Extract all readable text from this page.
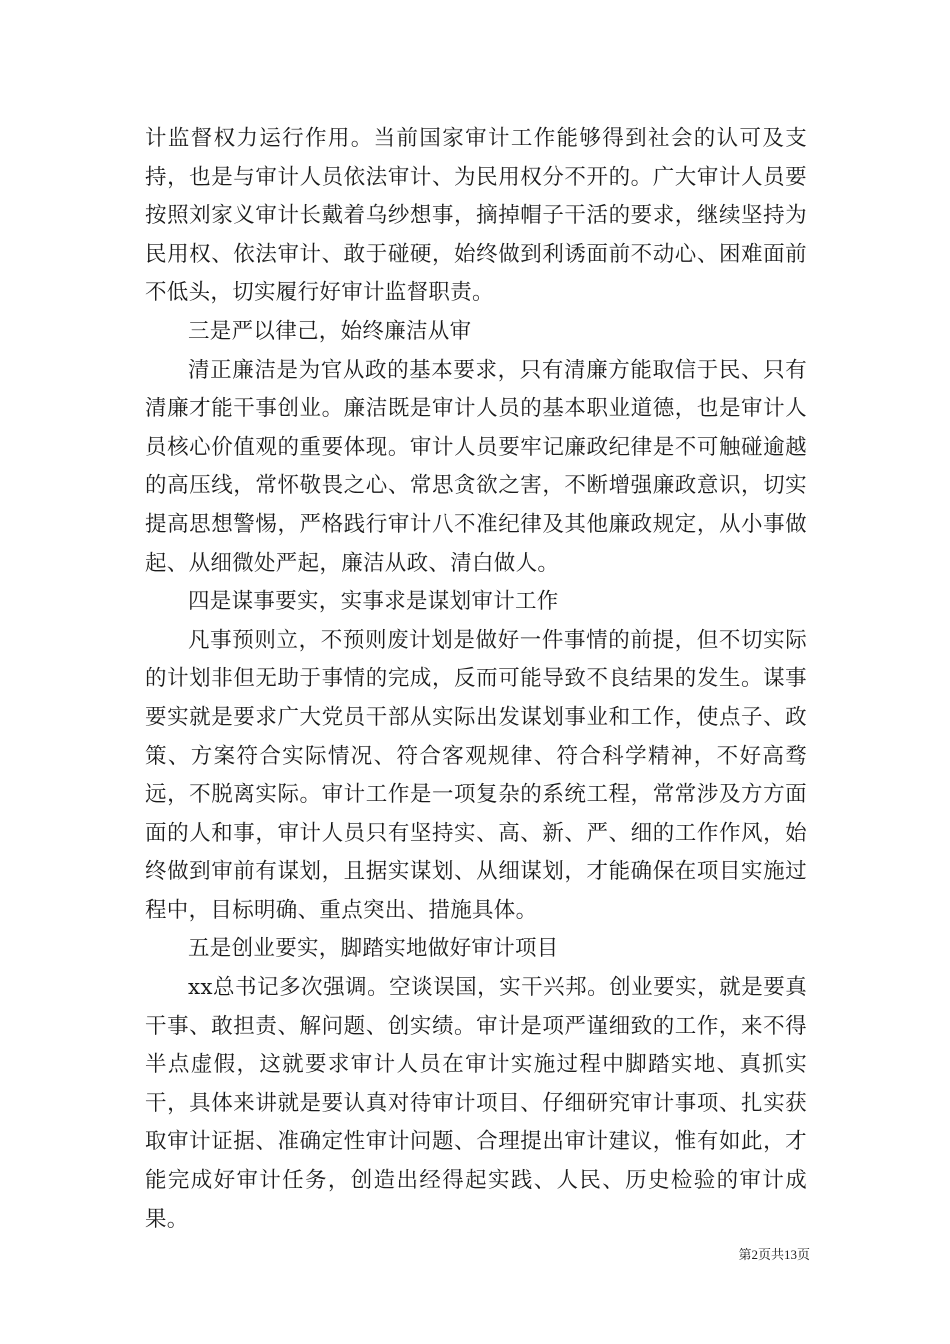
计监督权力运行作用。当前国家审计工作能够得到社会的认可及支持，也是与审计人员依法审计、为民用权分不开的。广大审计人员要按照刘家义审计长戴着乌纱想事，摘掉帽子干活的要求，继续坚持为民用权、依法审计、敢于碰硬，始终做到利诱面前不动心、困难面前不低头，切实履行好审计监督职责。

三是严以律己，始终廉洁从审

清正廉洁是为官从政的基本要求，只有清廉方能取信于民、只有清廉才能干事创业。廉洁既是审计人员的基本职业道德，也是审计人员核心价值观的重要体现。审计人员要牢记廉政纪律是不可触碰逾越的高压线，常怀敬畏之心、常思贪欲之害，不断增强廉政意识，切实提高思想警惕，严格践行审计八不准纪律及其他廉政规定，从小事做起、从细微处严起，廉洁从政、清白做人。

四是谋事要实，实事求是谋划审计工作

凡事预则立，不预则废计划是做好一件事情的前提，但不切实际的计划非但无助于事情的完成，反而可能导致不良结果的发生。谋事要实就是要求广大党员干部从实际出发谋划事业和工作，使点子、政策、方案符合实际情况、符合客观规律、符合科学精神，不好高骛远，不脱离实际。审计工作是一项复杂的系统工程，常常涉及方方面面的人和事，审计人员只有坚持实、高、新、严、细的工作作风，始终做到审前有谋划，且据实谋划、从细谋划，才能确保在项目实施过程中，目标明确、重点突出、措施具体。

五是创业要实，脚踏实地做好审计项目

xx总书记多次强调。空谈误国，实干兴邦。创业要实，就是要真干事、敢担责、解问题、创实绩。审计是项严谨细致的工作，来不得半点虚假，这就要求审计人员在审计实施过程中脚踏实地、真抓实干，具体来讲就是要认真对待审计项目、仔细研究审计事项、扎实获取审计证据、准确定性审计问题、合理提出审计建议，惟有如此，才能完成好审计任务，创造出经得起实践、人民、历史检验的审计成果。

第2页共13页
